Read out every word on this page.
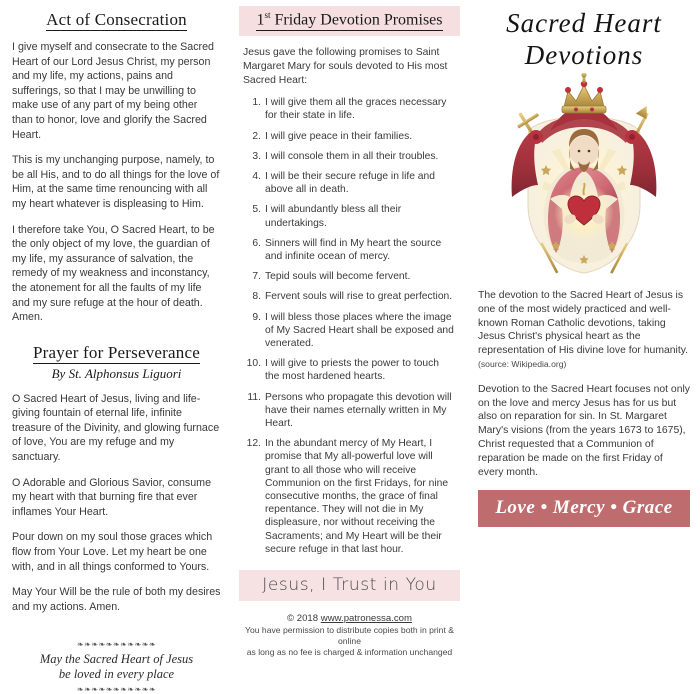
Act of Consecration

I give myself and consecrate to the Sacred Heart of our Lord Jesus Christ, my person and my life, my actions, pains and sufferings, so that I may be unwilling to make use of any part of my being other than to honor, love and glorify the Sacred Heart.

This is my unchanging purpose, namely, to be all His, and to do all things for the love of Him, at the same time renouncing with all my heart whatever is displeasing to Him.

I therefore take You, O Sacred Heart, to be the only object of my love, the guardian of my life, my assurance of salvation, the remedy of my weakness and inconstancy, the atonement for all the faults of my life and my sure refuge at the hour of death. Amen.

Prayer for Perseverance
By St. Alphonsus Liguori

O Sacred Heart of Jesus, living and life-giving fountain of eternal life, infinite treasure of the Divinity, and glowing furnace of love, You are my refuge and my sanctuary.

O Adorable and Glorious Savior, consume my heart with that burning fire that ever inflames Your Heart.

Pour down on my soul those graces which flow from Your Love. Let my heart be one with, and in all things conformed to Yours.

May Your Will be the rule of both my desires and my actions. Amen.

❧❧❧❧❧❧❧❧❧❧❧
May the Sacred Heart of Jesus
be loved in every place
❧❧❧❧❧❧❧❧❧❧❧
1st Friday Devotion Promises

Jesus gave the following promises to Saint Margaret Mary for souls devoted to His most Sacred Heart:

I will give them all the graces necessary for their state in life.
I will give peace in their families.
I will console them in all their troubles.
I will be their secure refuge in life and above all in death.
I will abundantly bless all their undertakings.
Sinners will find in My heart the source and infinite ocean of mercy.
Tepid souls will become fervent.
Fervent souls will rise to great perfection.
I will bless those places where the image of My Sacred Heart shall be exposed and venerated.
I will give to priests the power to touch the most hardened hearts.
Persons who propagate this devotion will have their names eternally written in My Heart.
In the abundant mercy of My Heart, I promise that My all-powerful love will grant to all those who will receive Communion on the first Fridays, for nine consecutive months, the grace of final repentance. They will not die in My displeasure, nor without receiving the Sacraments; and My Heart will be their secure refuge in that last hour.
Jesus, I Trust in You
© 2018 www.patronessa.com
You have permission to distribute copies both in print & online
as long as no fee is charged & information unchanged
Sacred Heart
Devotions

The devotion to the Sacred Heart of Jesus is one of the most widely practiced and well-known Roman Catholic devotions, taking Jesus Christ's physical heart as the representation of His divine love for humanity. (source: Wikipedia.org)

Devotion to the Sacred Heart focuses not only on the love and mercy Jesus has for us but also on reparation for sin. In St. Margaret Mary's visions (from the years 1673 to 1675), Christ requested that a Communion of reparation be made on the first Friday of every month.

Love • Mercy • Grace
